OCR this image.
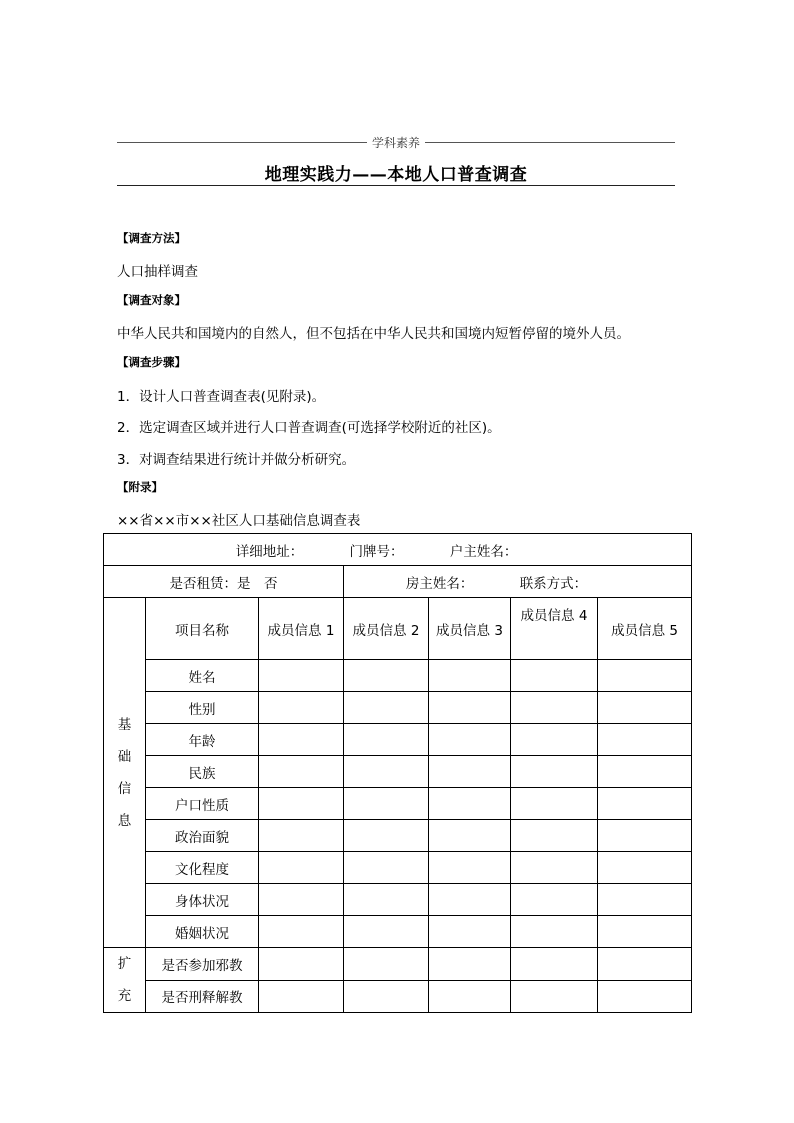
学科素养
地理实践力——本地人口普查调查
【调查方法】
人口抽样调查
【调查对象】
中华人民共和国境内的自然人，但不包括在中华人民共和国境内短暂停留的境外人员。
【调查步骤】
1．设计人口普查调查表(见附录)。
2．选定调查区域并进行人口普查调查(可选择学校附近的社区)。
3．对调查结果进行统计并做分析研究。
【附录】
××省××市××社区人口基础信息调查表
详细地址： 门牌号： 户主姓名：						
是否租赁：是　否			房主姓名： 联系方式：			

基
础
信
息	项目名称	成员信息 1	成员信息 2	成员信息 3	成员信息 4	成员信息 5
	姓名					
	性别					
	年龄					
	民族					
	户口性质					
	政治面貌					
	文化程度					
	身体状况					
	婚姻状况					

扩
充	是否参加邪教					
	是否刑释解教					
